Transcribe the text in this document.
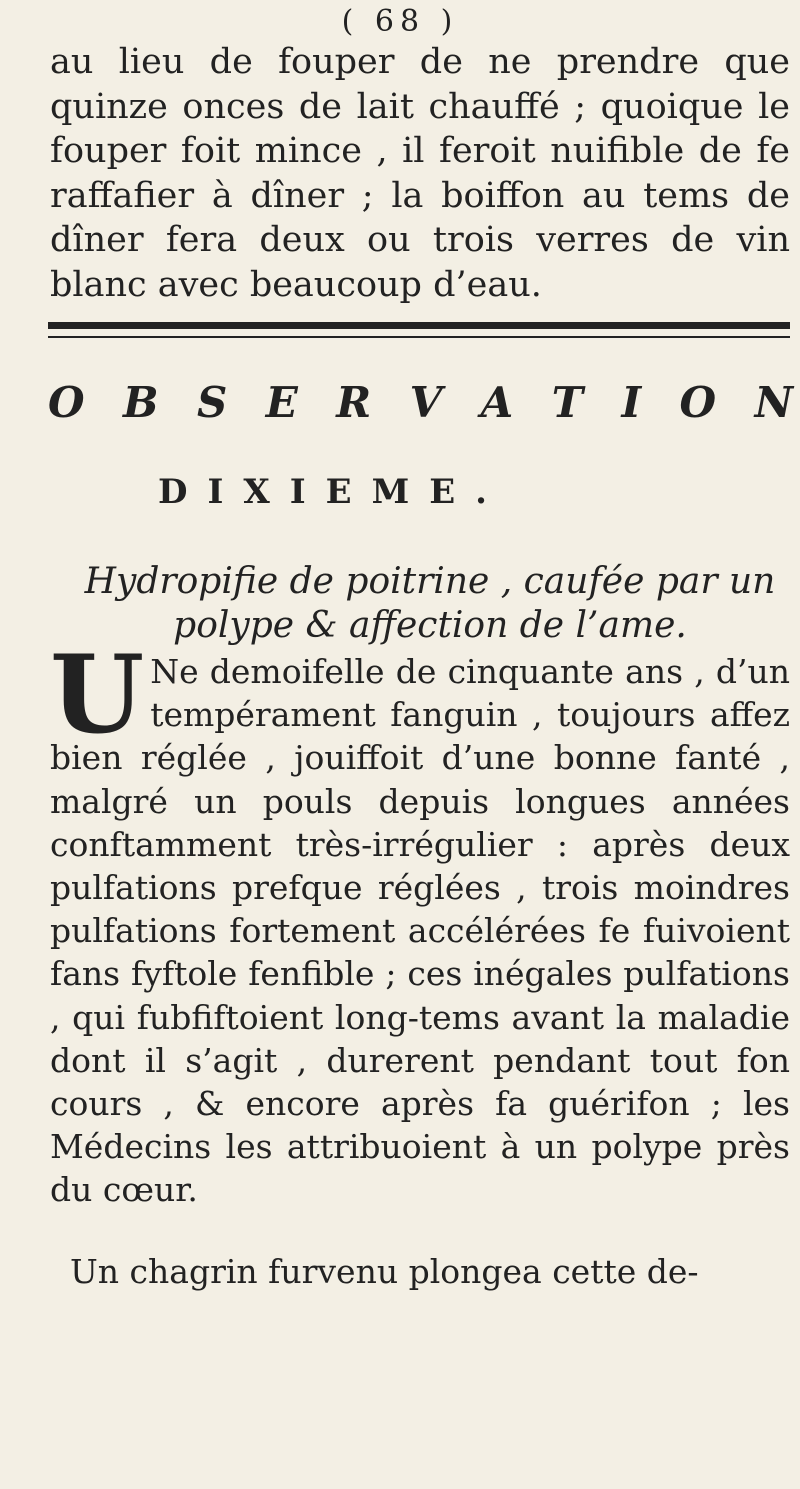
( 68 )
au lieu de fouper de ne prendre que quinze onces de lait chauffé ; quoique le fouper foit mince , il feroit nuifible de fe raffafier à dîner ; la boiffon au tems de dîner fera deux ou trois verres de vin blanc avec beaucoup d’eau.
O B S E R V A T I O N
DIXIEME.
Hydropifie de poitrine , caufée par un polype & affection de l’ame.
U Ne demoifelle de cinquante ans , d’un tempérament fanguin , toujours affez bien réglée , jouiffoit d’une bonne fanté , malgré un pouls depuis longues années conftamment très-irrégulier : après deux pulfations prefque réglées , trois moindres pulfations fortement accélérées fe fuivoient fans fyftole fenfible ; ces inégales pulfations , qui fubfiftoient long-tems avant la maladie dont il s’agit , durerent pendant tout fon cours , & encore après fa guérifon ; les Médecins les attribuoient à un polype près du cœur.
Un chagrin furvenu plongea cette de-
